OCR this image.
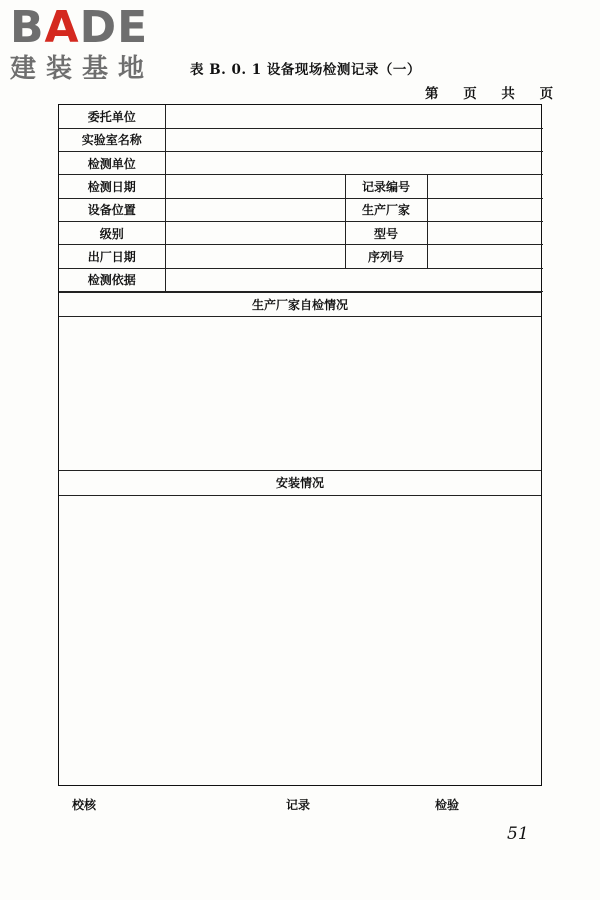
BADE
建装基地	表 B. 0. 1 设备现场检测记录（一）
第 页 共 页
委托单位			
实验室名称			
检测单位			
检测日期		记录编号	
设备位置		生产厂家	
级别		型号	
出厂日期		序列号	
检测依据			
生产厂家自检情况
安装情况
校核	记录	检验
51
